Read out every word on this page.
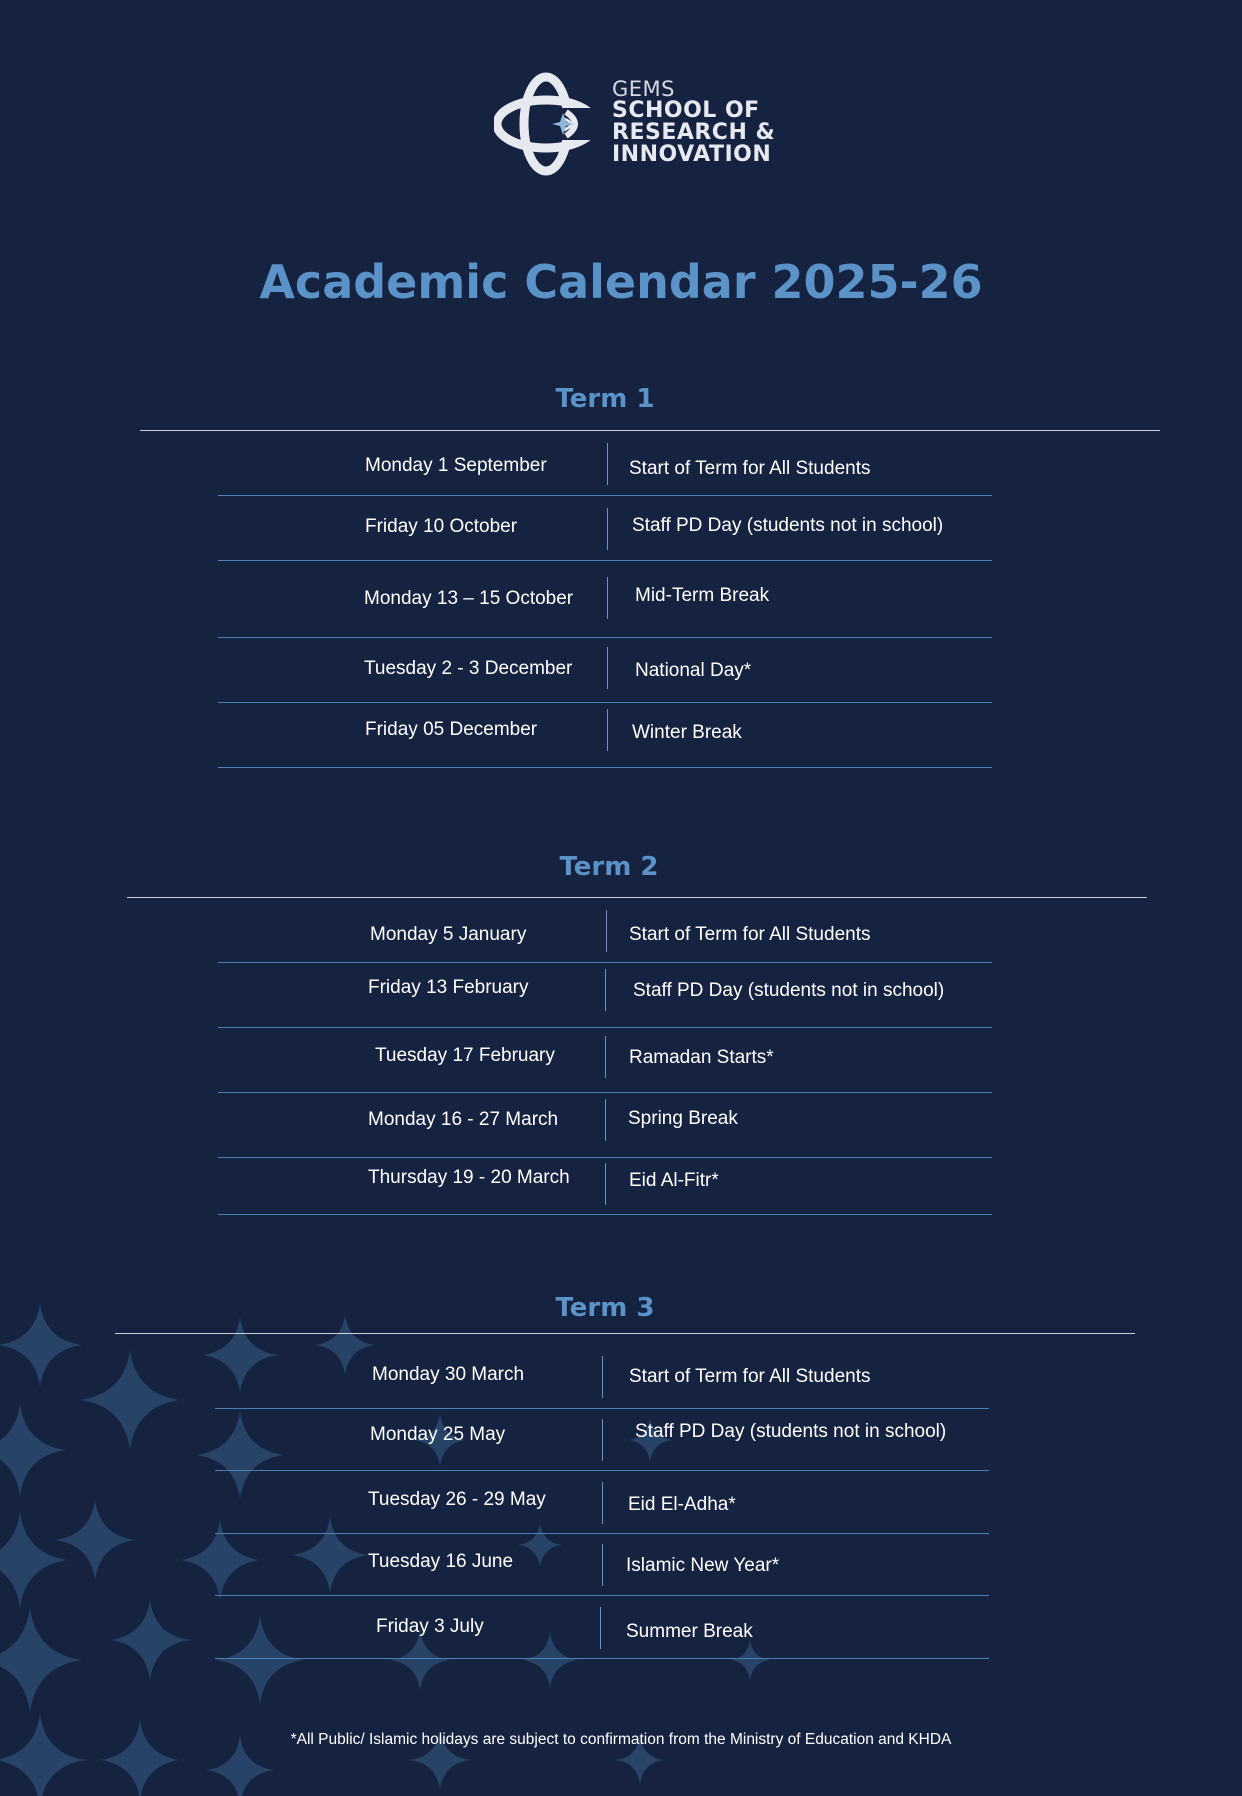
GEMS
SCHOOL OF
RESEARCH &
INNOVATION
Academic Calendar 2025-26
Term 1
Monday 1 September	Start of Term for All Students
Friday 10 October	Staff PD Day (students not in school)
Monday 13 – 15 October	Mid-Term Break
Tuesday 2 - 3 December	National Day*
Friday 05 December	Winter Break
Term 2
Monday 5 January	Start of Term for All Students
Friday 13 February	Staff PD Day (students not in school)
Tuesday 17 February	Ramadan Starts*
Monday 16 - 27 March	Spring Break
Thursday 19 - 20 March	Eid Al-Fitr*
Term 3
Monday 30 March	Start of Term for All Students
Monday 25 May	Staff PD Day (students not in school)
Tuesday 26 - 29 May	Eid El-Adha*
Tuesday 16 June	Islamic New Year*
Friday 3 July	Summer Break
*All Public/ Islamic holidays are subject to confirmation from the Ministry of Education and KHDA
